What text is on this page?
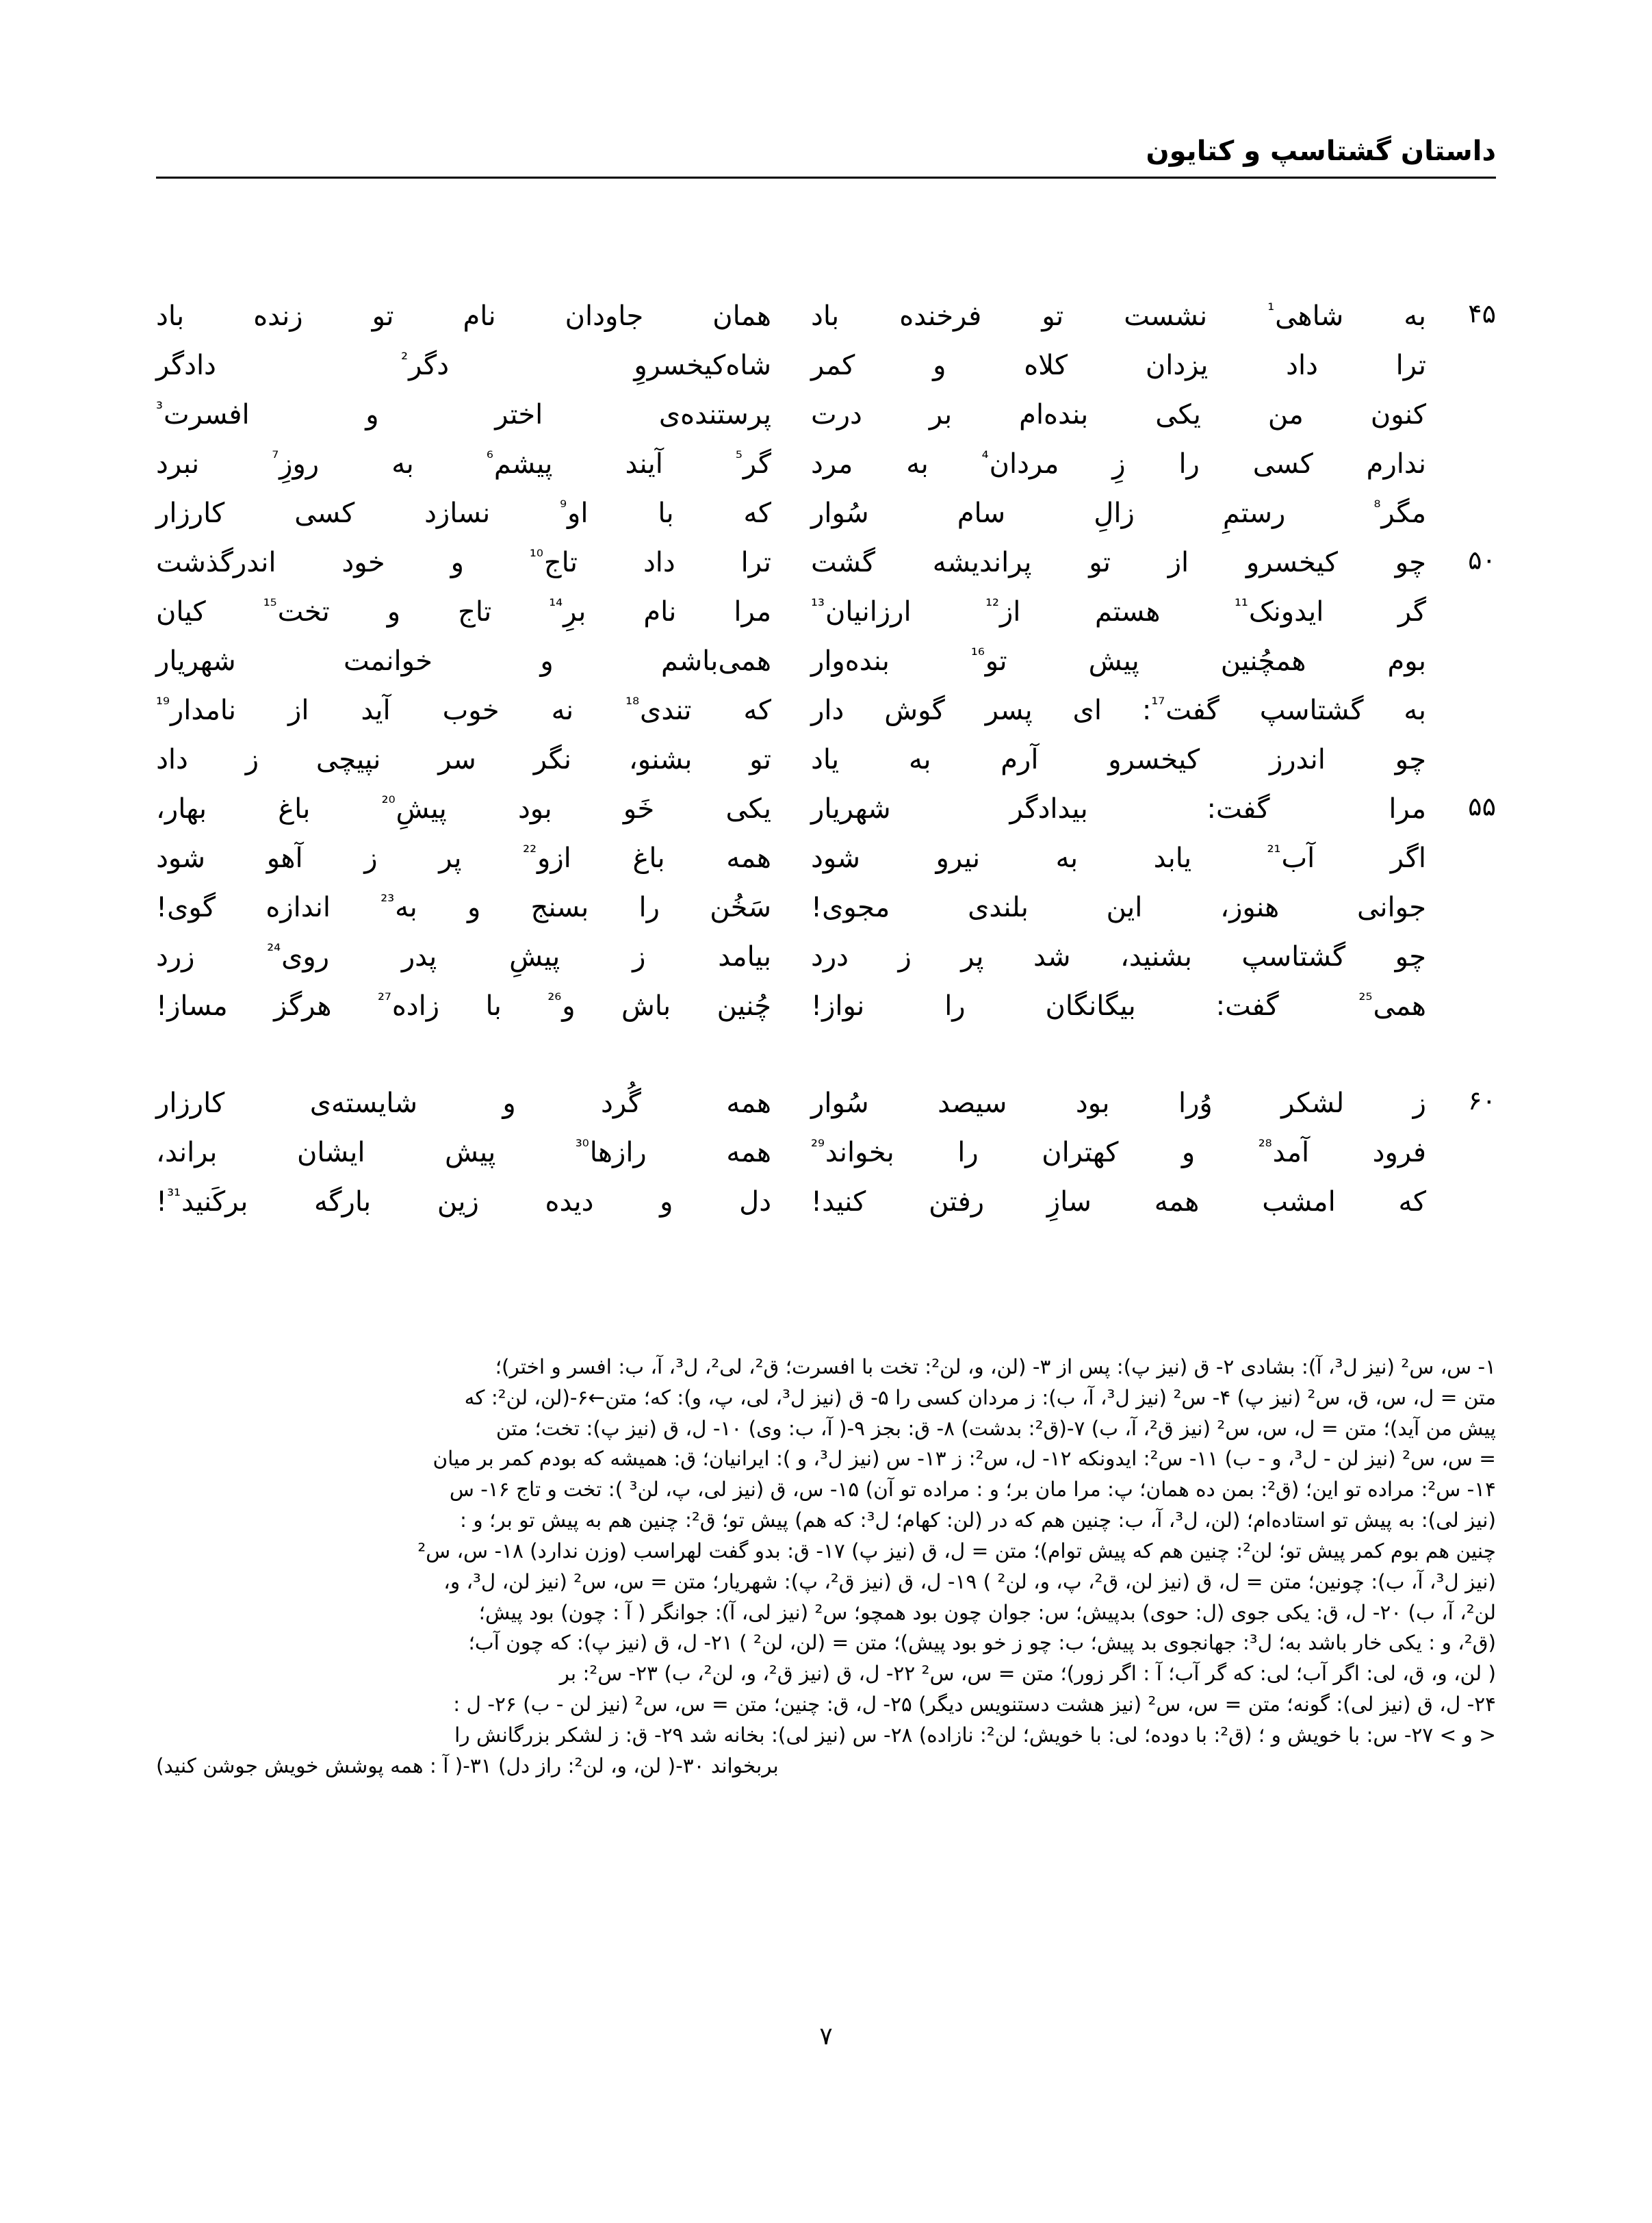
داستان گشتاسپ و کتایون
۴۵
به
شاهی$^{^1}$
نشست
تو
فرخنده
باد
همان
جاودان
نام
تو
زنده
باد
ترا
داد
یزدان
کلاه
و
کمر
شاه‌کیخسروِ
دگر$^{^2}$
دادگر
کنون
من
یکی
بنده‌ام
بر
درت
پرستنده‌ی
اختر
و
افسرت$^{^3}$
ندارم
کسی
را
زِ
مردان$^{^4}$
به
مرد
گر$^{^5}$
آیند
پیشم$^{^6}$
به
روزِ$^{^7}$
نبرد
مگر$^{^8}$
رستمِ
زالِ
سام
سُوار
که
با
او$^{^9}$
نسازد
کسی
کارزار
۵۰
چو
کیخسرو
از
تو
پراندیشه
گشت
ترا
داد
تاج$^{^{10}}$
و
خود
اندرگذشت
گر
ایدونک$^{^{11}}$
هستم
از$^{^{12}}$
ارزانیان$^{^{13}}$
مرا
نام
برِ$^{^{14}}$
تاج
و
تخت$^{^{15}}$
کیان
بوم
همچُنین
پیش
تو$^{^{16}}$
بنده‌وار
همی‌باشم
و
خوانمت
شهریار
به
گشتاسپ
گفت$^{^{17}}$:
ای
پسر
گوش
دار
که
تندی$^{^{18}}$
نه
خوب
آید
از
نامدار$^{^{19}}$
چو
اندرز
کیخسرو
آرم
به
یاد
تو
بشنو،
نگر
سر
نپیچی
ز
داد
۵۵
مرا
گفت:
بیدادگر
شهریار
یکی
خَو
بود
پیشِ$^{^{20}}$
باغ
بهار،
اگر
آب$^{^{21}}$
یابد
به
نیرو
شود
همه
باغ
ازو$^{^{22}}$
پر
ز
آهو
شود
جوانی
هنوز،
این
بلندی
مجوی!
سَخُن
را
بسنج
و
به$^{^{23}}$
اندازه
گوی!
چو
گشتاسپ
بشنید،
شد
پر
ز
درد
بیامد
ز
پیشِ
پدر
روی$^{^{24}}$
زرد
همی$^{^{25}}$
گفت:
بیگانگان
را
نواز!
چُنین
باش
و$^{^{26}}$
با
زاده$^{^{27}}$
هرگز
مساز!
۶۰
ز
لشکر
وُرا
بود
سیصد
سُوار
همه
گُرد
و
شایسته‌ی
کارزار
فرود
آمد$^{^{28}}$
و
کهتران
را
بخواند$^{^{29}}$
همه
رازها$^{^{30}}$
پیش
ایشان
براند،
که
امشب
همه
سازِ
رفتن
کنید!
دل
و
دیده
زین
بارگه
برکَنید$^{^{31}}$!

۱- س، س² (نیز ل³، آ): بشادی ۲- ق (نیز پ): پس از ۳- (لن، و، لن²: تخت با افسرت؛ ق²، لی²، ل³، آ، ب: افسر و اختر)؛

متن = ل، س، ق، س² (نیز پ) ۴- س² (نیز ل³، آ، ب): ز مردان کسی را ۵- ق (نیز ل³، لی، پ، و): که؛ متن←۶-(لن، لن²: که

پیش من آید)؛ متن = ل، س، س² (نیز ق²، آ، ب) ۷-(ق²: بدشت) ۸- ق: بجز ۹-( آ، ب: وی) ۱۰- ل، ق (نیز پ): تخت؛ متن

= س، س² (نیز لن - ل³، و - ب) ۱۱- س²: ایدونکه ۱۲- ل، س²: ز ۱۳- س (نیز ل³، و ): ایرانیان؛ ق: همیشه که بودم کمر بر میان

۱۴- س²: مراده تو این؛ (ق²: بمن ده همان؛ پ: مرا مان بر؛ و : مراده تو آن) ۱۵- س، ق (نیز لی، پ، لن³ ): تخت و تاج ۱۶- س

(نیز لی): به پیش تو استاده‌ام؛ (لن، ل³، آ، ب: چنین هم که در (لن: کهام؛ ل³: که هم) پیش تو؛ ق²: چنین هم به پیش تو بر؛ و :

چنین هم بوم کمر پیش تو؛ لن²: چنین هم که پیش توام)؛ متن = ل، ق (نیز پ) ۱۷- ق: بدو گفت لهراسب (وزن ندارد) ۱۸- س، س²

(نیز ل³، آ، ب): چونین؛ متن = ل، ق (نیز لن، ق²، پ، و، لن² ) ۱۹- ل، ق (نیز ق²، پ): شهریار؛ متن = س، س² (نیز لن، ل³، و،

لن²، آ، ب) ۲۰- ل، ق: یکی جوی (ل: حوی) بدپیش؛ س: جوان چون بود همچو؛ س² (نیز لی، آ): جوانگر ( آ : چون) بود پیش؛

(ق²، و : یکی خار باشد به؛ ل³: جهانجوی بد پیش؛ ب: چو ز خو بود پیش)؛ متن = (لن، لن² ) ۲۱- ل، ق (نیز پ): که چون آب؛

( لن، و، ق، لی: اگر آب؛ لی: که گر آب؛ آ : اگر زور)؛ متن = س، س² ۲۲- ل، ق (نیز ق²، و، لن²، ب) ۲۳- س²: بر

۲۴- ل، ق (نیز لی): گونه؛ متن = س، س² (نیز هشت دستنویس دیگر) ۲۵- ل، ق: چنین؛ متن = س، س² (نیز لن - ب) ۲۶- ل :

< و > ۲۷- س: با خویش و ؛ (ق²: با دوده؛ لی: با خویش؛ لن²: نازاده) ۲۸- س (نیز لی): بخانه شد ۲۹- ق: ز لشکر بزرگانش را

بربخواند ۳۰-( لن، و، لن²: راز دل) ۳۱-( آ : همه پوشش خویش جوشن کنید)

۷
